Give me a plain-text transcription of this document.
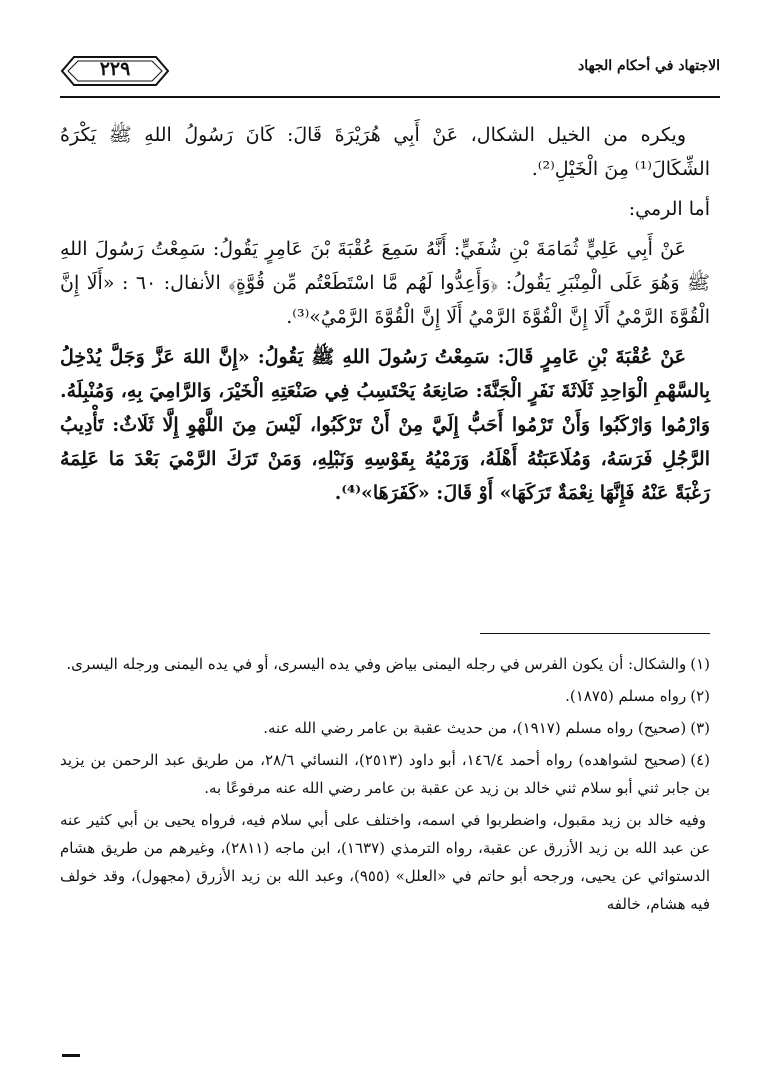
الاجتهاد في أحكام الجهاد
٢٢٩

ويكره من الخيل الشكال، عَنْ أَبِي هُرَيْرَةَ قَالَ: كَانَ رَسُولُ اللهِ ﷺ يَكْرَهُ الشِّكَالَ⁽¹⁾ مِنَ الْخَيْلِ⁽²⁾.

أما الرمي:

عَنْ أَبِي عَلِيٍّ ثُمَامَةَ بْنِ شُفَيٍّ: أَنَّهُ سَمِعَ عُقْبَةَ بْنَ عَامِرٍ يَقُولُ: سَمِعْتُ رَسُولَ اللهِ ﷺ وَهُوَ عَلَى الْمِنْبَرِ يَقُولُ: ﴿وَأَعِدُّوا لَهُم مَّا اسْتَطَعْتُم مِّن قُوَّةٍ﴾ الأنفال: ٦٠ : «أَلَا إِنَّ الْقُوَّةَ الرَّمْيُ أَلَا إِنَّ الْقُوَّةَ الرَّمْيُ أَلَا إِنَّ الْقُوَّةَ الرَّمْيُ»⁽³⁾.

عَنْ عُقْبَةَ بْنِ عَامِرٍ قَالَ: سَمِعْتُ رَسُولَ اللهِ ﷺ يَقُولُ: «إِنَّ اللهَ عَزَّ وَجَلَّ يُدْخِلُ بِالسَّهْمِ الْوَاحِدِ ثَلَاثَةَ نَفَرٍ الْجَنَّةَ: صَانِعَهُ يَحْتَسِبُ فِي صَنْعَتِهِ الْخَيْرَ، وَالرَّامِيَ بِهِ، وَمُنْبِلَهُ. وَارْمُوا وَارْكَبُوا وَأَنْ تَرْمُوا أَحَبُّ إِلَيَّ مِنْ أَنْ تَرْكَبُوا، لَيْسَ مِنَ اللَّهْوِ إِلَّا ثَلَاثٌ: تَأْدِيبُ الرَّجُلِ فَرَسَهُ، وَمُلَاعَبَتُهُ أَهْلَهُ، وَرَمْيُهُ بِقَوْسِهِ وَنَبْلِهِ، وَمَنْ تَرَكَ الرَّمْيَ بَعْدَ مَا عَلِمَهُ رَغْبَةً عَنْهُ فَإِنَّهَا نِعْمَةٌ تَرَكَهَا» أَوْ قَالَ: «كَفَرَهَا»⁽⁴⁾.

(١)والشكال: أن يكون الفرس في رجله اليمنى بياض وفي يده اليسرى، أو في يده اليمنى ورجله اليسرى.

(٢)رواه مسلم (١٨٧٥).

(٣)(صحيح) رواه مسلم (١٩١٧)، من حديث عقبة بن عامر رضي الله عنه.

(٤)(صحيح لشواهده) رواه أحمد ١٤٦/٤، أبو داود (٢٥١٣)، النسائي ٢٨/٦، من طريق عبد الرحمن بن يزيد بن جابر ثني أبو سلام ثني خالد بن زيد عن عقبة بن عامر رضي الله عنه مرفوعًا به.

وفيه خالد بن زيد مقبول، واضطربوا في اسمه، واختلف على أبي سلام فيه، فرواه يحيى بن أبي كثير عنه عن عبد الله بن زيد الأزرق عن عقبة، رواه الترمذي (١٦٣٧)، ابن ماجه (٢٨١١)، وغيرهم من طريق هشام الدستوائي عن يحيى، ورجحه أبو حاتم في «العلل» (٩٥٥)، وعبد الله بن زيد الأزرق (مجهول)، وقد خولف فيه هشام، خالفه
